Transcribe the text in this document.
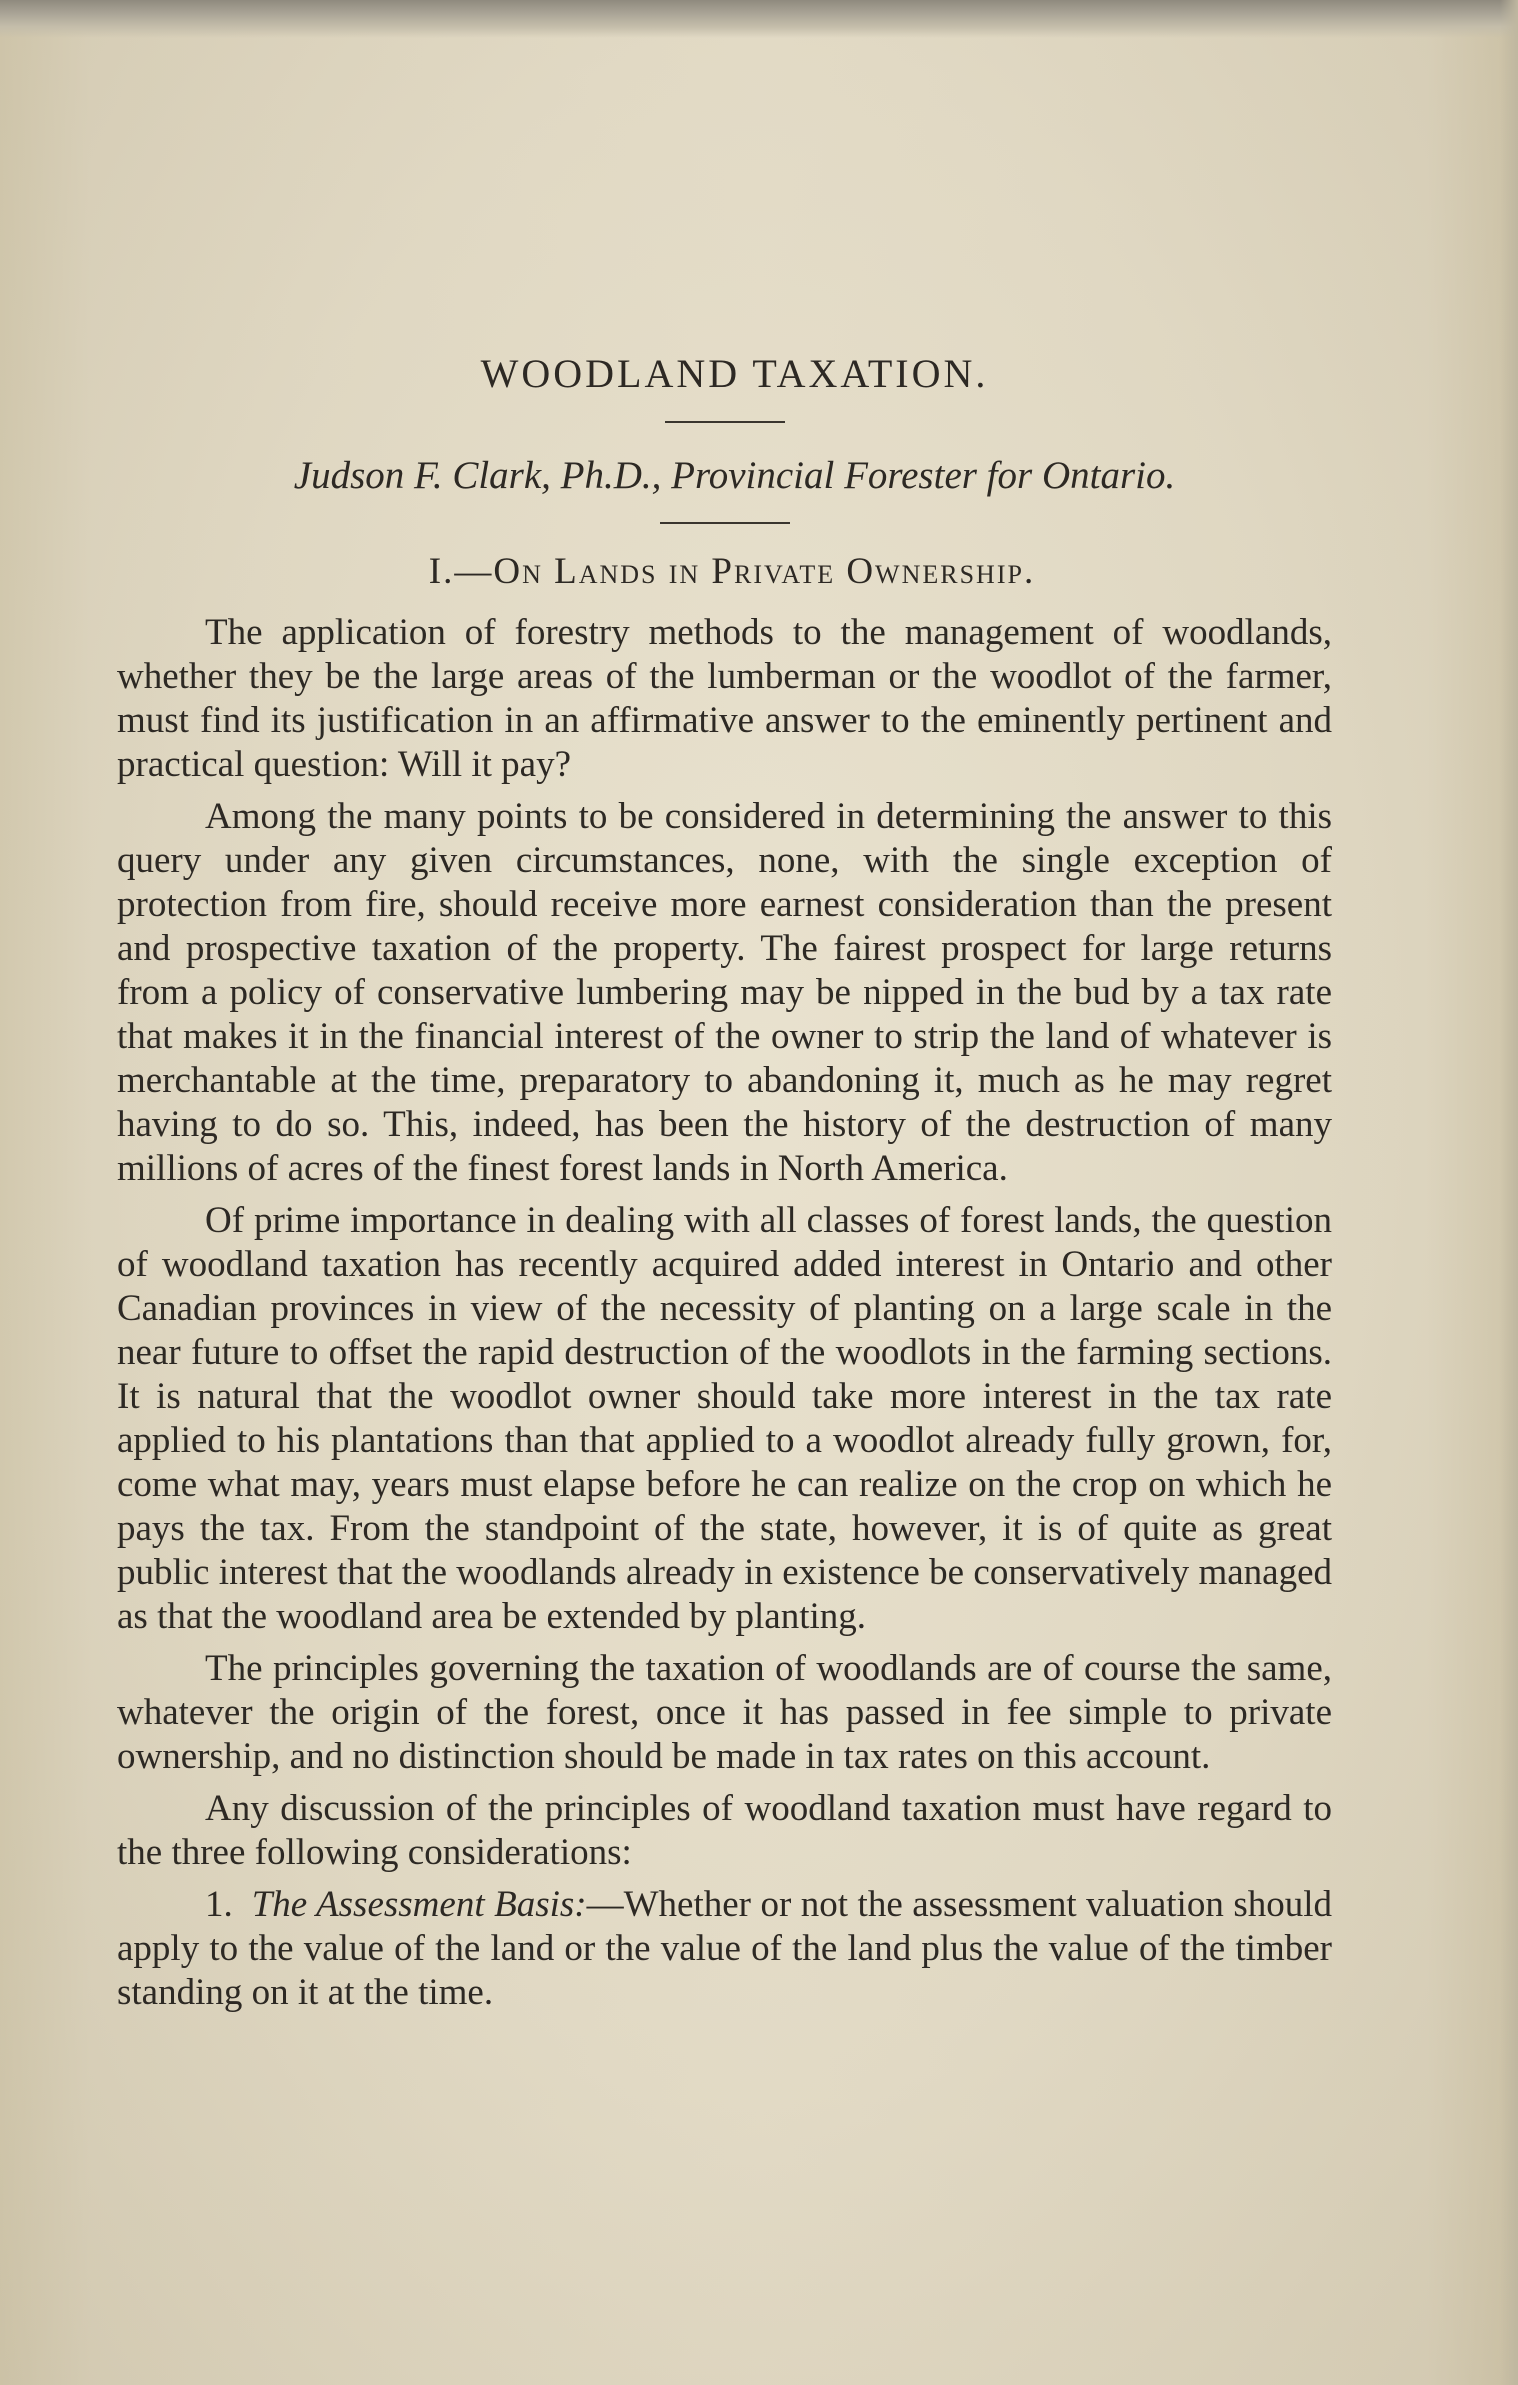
WOODLAND TAXATION.
Judson F. Clark, Ph.D., Provincial Forester for Ontario.
I.—On Lands in Private Ownership.

The application of forestry methods to the management of woodlands, whether they be the large areas of the lumberman or the woodlot of the farmer, must find its justification in an affirmative answer to the eminently pertinent and practical question: Will it pay?

Among the many points to be considered in determining the answer to this query under any given circumstances, none, with the single exception of protection from fire, should receive more earnest consideration than the present and prospective taxation of the property. The fairest prospect for large returns from a policy of conservative lumbering may be nipped in the bud by a tax rate that makes it in the financial interest of the owner to strip the land of whatever is merchantable at the time, preparatory to abandoning it, much as he may regret having to do so. This, indeed, has been the history of the destruction of many millions of acres of the finest forest lands in North America.

Of prime importance in dealing with all classes of forest lands, the question of woodland taxation has recently acquired added interest in Ontario and other Canadian provinces in view of the necessity of planting on a large scale in the near future to offset the rapid destruction of the woodlots in the farming sections. It is natural that the woodlot owner should take more interest in the tax rate applied to his plantations than that applied to a woodlot already fully grown, for, come what may, years must elapse before he can realize on the crop on which he pays the tax. From the standpoint of the state, however, it is of quite as great public interest that the woodlands already in existence be conservatively managed as that the woodland area be extended by planting.

The principles governing the taxation of woodlands are of course the same, whatever the origin of the forest, once it has passed in fee simple to private ownership, and no distinction should be made in tax rates on this account.

Any discussion of the principles of woodland taxation must have regard to the three following considerations:

1. The Assessment Basis:—Whether or not the assessment valuation should apply to the value of the land or the value of the land plus the value of the timber standing on it at the time.
